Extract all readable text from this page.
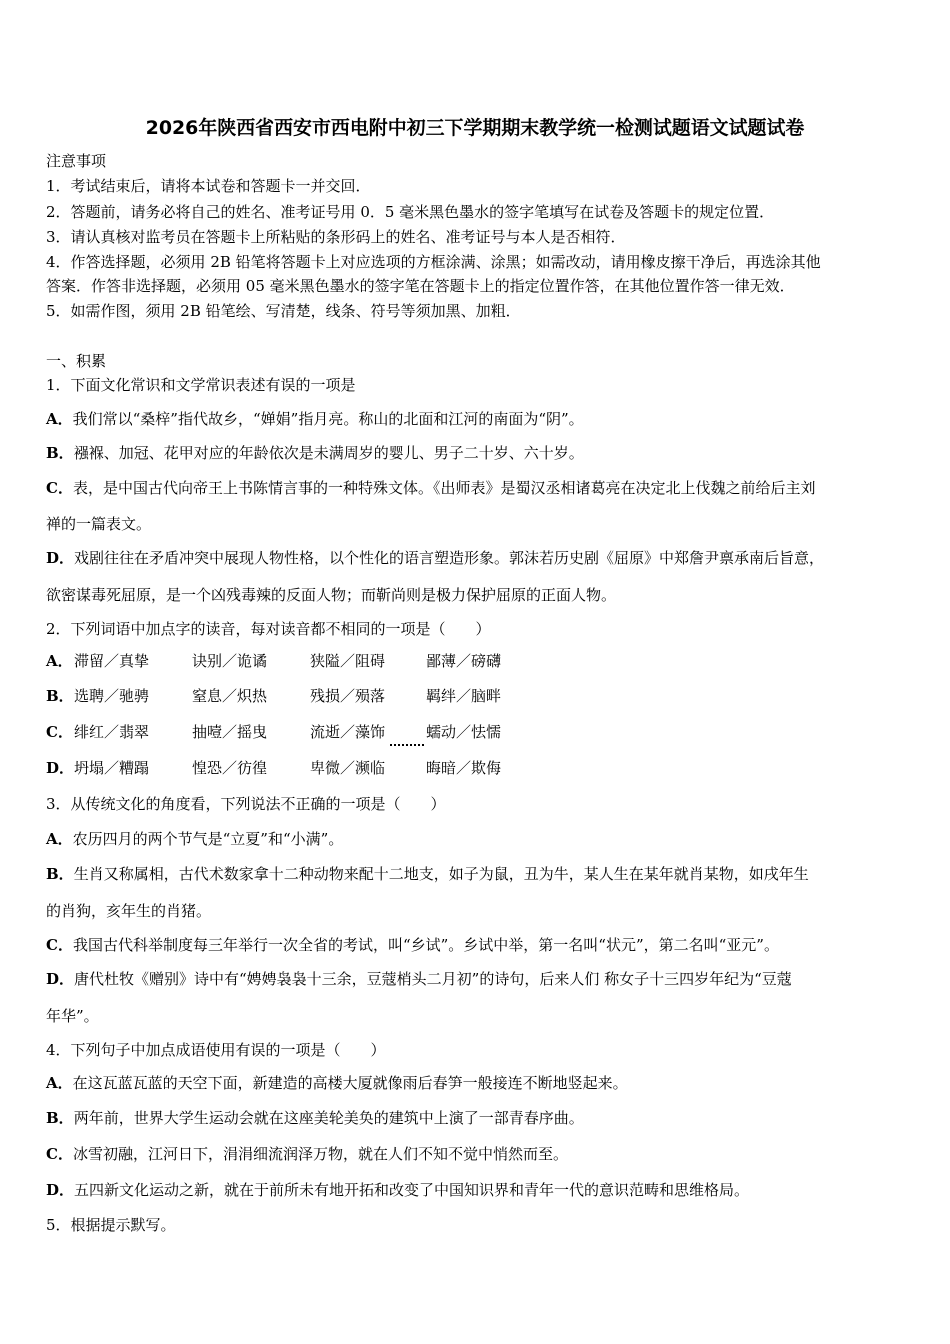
2026年陕西省西安市西电附中初三下学期期末教学统一检测试题语文试题试卷
注意事项
1．考试结束后，请将本试卷和答题卡一并交回．
2．答题前，请务必将自己的姓名、准考证号用 0．5 毫米黑色墨水的签字笔填写在试卷及答题卡的规定位置．
3．请认真核对监考员在答题卡上所粘贴的条形码上的姓名、准考证号与本人是否相符．
4．作答选择题，必须用 2B 铅笔将答题卡上对应选项的方框涂满、涂黑；如需改动，请用橡皮擦干净后，再选涂其他
答案．作答非选择题，必须用 05 毫米黑色墨水的签字笔在答题卡上的指定位置作答，在其他位置作答一律无效．
5．如需作图，须用 2B 铅笔绘、写清楚，线条、符号等须加黑、加粗．
一、积累
1．下面文化常识和文学常识表述有误的一项是
A．我们常以“桑梓”指代故乡，“婵娟”指月亮。称山的北面和江河的南面为“阴”。
B．襁褓、加冠、花甲对应的年龄依次是未满周岁的婴儿、男子二十岁、六十岁。
C．表，是中国古代向帝王上书陈情言事的一种特殊文体。《出师表》是蜀汉丞相诸葛亮在决定北上伐魏之前给后主刘
禅的一篇表文。
D．戏剧往往在矛盾冲突中展现人物性格，以个性化的语言塑造形象。郭沫若历史剧《屈原》中郑詹尹禀承南后旨意，
欲密谋毒死屈原，是一个凶残毒辣的反面人物；而靳尚则是极力保护屈原的正面人物。
2．下列词语中加点字的读音，每对读音都不相同的一项是（　　）
A． 滞留／真挚	诀别／诡谲	狭隘／阻碍	鄙薄／磅礴
B． 选聘／驰骋	窒息／炽热	残损／殒落	羁绊／脑畔
C． 绯红／翡翠	抽噎／摇曳	流逝／藻饰	蠕动／怯懦
D． 坍塌／糟蹋	惶恐／彷徨	卑微／濒临	晦暗／欺侮
3．从传统文化的角度看，下列说法不正确的一项是（　　）
A．农历四月的两个节气是“立夏”和“小满”。
B．生肖又称属相，古代术数家拿十二种动物来配十二地支，如子为鼠，丑为牛，某人生在某年就肖某物，如戌年生
的肖狗，亥年生的肖猪。
C．我国古代科举制度每三年举行一次全省的考试，叫“乡试”。乡试中举，第一名叫“状元”，第二名叫“亚元”。
D．唐代杜牧《赠别》诗中有“娉娉袅袅十三余，豆蔻梢头二月初”的诗句，后来人们 称女子十三四岁年纪为“豆蔻
年华”。
4．下列句子中加点成语使用有误的一项是（　　）
A．在这瓦蓝瓦蓝的天空下面，新建造的高楼大厦就像雨后春笋一般接连不断地竖起来。
B．两年前，世界大学生运动会就在这座美轮美奂的建筑中上演了一部青春序曲。
C．冰雪初融，江河日下，涓涓细流润泽万物，就在人们不知不觉中悄然而至。
D．五四新文化运动之新，就在于前所未有地开拓和改变了中国知识界和青年一代的意识范畴和思维格局。
5．根据提示默写。
